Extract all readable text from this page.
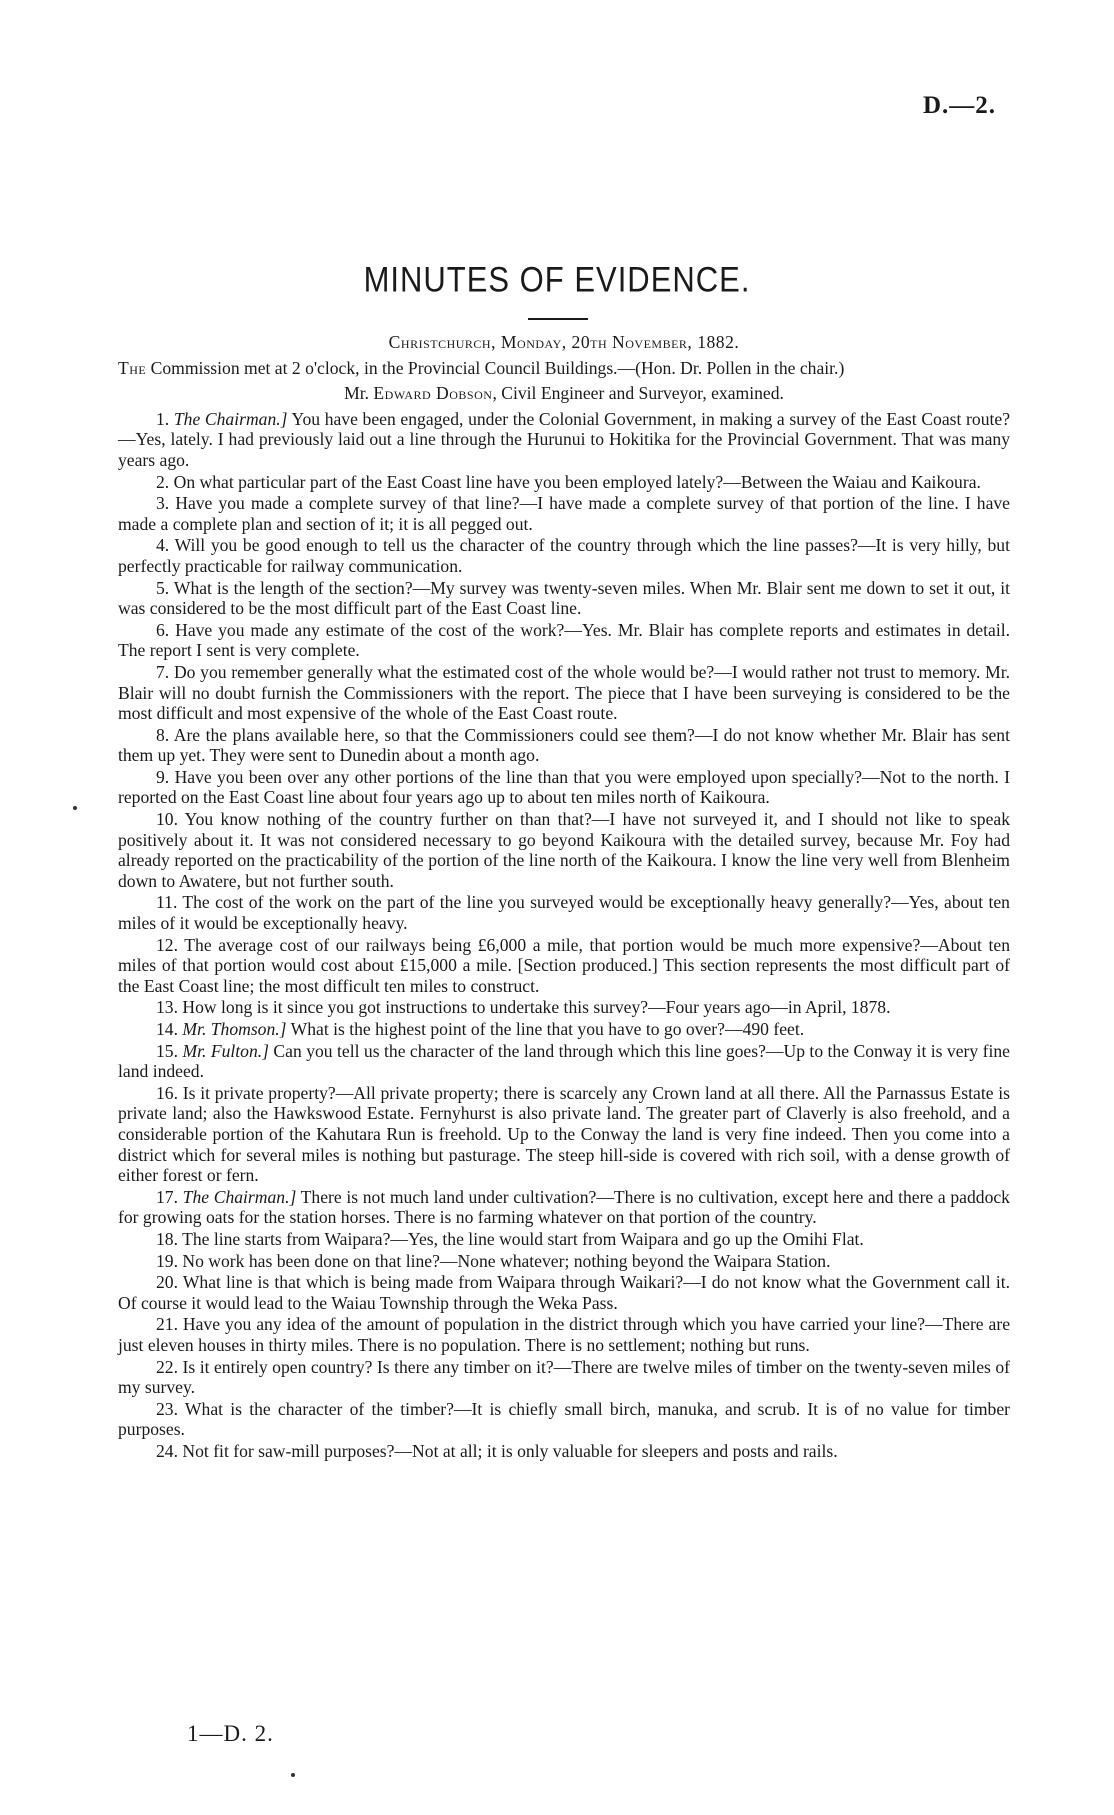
D.—2.
MINUTES OF EVIDENCE.
Christchurch, Monday, 20th November, 1882.
The Commission met at 2 o'clock, in the Provincial Council Buildings.—(Hon. Dr. Pollen in the chair.)
Mr. Edward Dobson, Civil Engineer and Surveyor, examined.

1. The Chairman.] You have been engaged, under the Colonial Government, in making a survey of the East Coast route?—Yes, lately. I had previously laid out a line through the Hurunui to Hokitika for the Provincial Government. That was many years ago.

2. On what particular part of the East Coast line have you been employed lately?—Between the Waiau and Kaikoura.

3. Have you made a complete survey of that line?—I have made a complete survey of that portion of the line. I have made a complete plan and section of it; it is all pegged out.

4. Will you be good enough to tell us the character of the country through which the line passes?—It is very hilly, but perfectly practicable for railway communication.

5. What is the length of the section?—My survey was twenty-seven miles. When Mr. Blair sent me down to set it out, it was considered to be the most difficult part of the East Coast line.

6. Have you made any estimate of the cost of the work?—Yes. Mr. Blair has complete reports and estimates in detail. The report I sent is very complete.

7. Do you remember generally what the estimated cost of the whole would be?—I would rather not trust to memory. Mr. Blair will no doubt furnish the Commissioners with the report. The piece that I have been surveying is considered to be the most difficult and most expensive of the whole of the East Coast route.

8. Are the plans available here, so that the Commissioners could see them?—I do not know whether Mr. Blair has sent them up yet. They were sent to Dunedin about a month ago.

9. Have you been over any other portions of the line than that you were employed upon specially?—Not to the north. I reported on the East Coast line about four years ago up to about ten miles north of Kaikoura.

10. You know nothing of the country further on than that?—I have not surveyed it, and I should not like to speak positively about it. It was not considered necessary to go beyond Kaikoura with the detailed survey, because Mr. Foy had already reported on the practicability of the portion of the line north of the Kaikoura. I know the line very well from Blenheim down to Awatere, but not further south.

11. The cost of the work on the part of the line you surveyed would be exceptionally heavy generally?—Yes, about ten miles of it would be exceptionally heavy.

12. The average cost of our railways being £6,000 a mile, that portion would be much more expensive?—About ten miles of that portion would cost about £15,000 a mile. [Section produced.] This section represents the most difficult part of the East Coast line; the most difficult ten miles to construct.

13. How long is it since you got instructions to undertake this survey?—Four years ago—in April, 1878.

14. Mr. Thomson.] What is the highest point of the line that you have to go over?—490 feet.

15. Mr. Fulton.] Can you tell us the character of the land through which this line goes?—Up to the Conway it is very fine land indeed.

16. Is it private property?—All private property; there is scarcely any Crown land at all there. All the Parnassus Estate is private land; also the Hawkswood Estate. Fernyhurst is also private land. The greater part of Claverly is also freehold, and a considerable portion of the Kahutara Run is freehold. Up to the Conway the land is very fine indeed. Then you come into a district which for several miles is nothing but pasturage. The steep hill-side is covered with rich soil, with a dense growth of either forest or fern.

17. The Chairman.] There is not much land under cultivation?—There is no cultivation, except here and there a paddock for growing oats for the station horses. There is no farming whatever on that portion of the country.

18. The line starts from Waipara?—Yes, the line would start from Waipara and go up the Omihi Flat.

19. No work has been done on that line?—None whatever; nothing beyond the Waipara Station.

20. What line is that which is being made from Waipara through Waikari?—I do not know what the Government call it. Of course it would lead to the Waiau Township through the Weka Pass.

21. Have you any idea of the amount of population in the district through which you have carried your line?—There are just eleven houses in thirty miles. There is no population. There is no settlement; nothing but runs.

22. Is it entirely open country? Is there any timber on it?—There are twelve miles of timber on the twenty-seven miles of my survey.

23. What is the character of the timber?—It is chiefly small birch, manuka, and scrub. It is of no value for timber purposes.

24. Not fit for saw-mill purposes?—Not at all; it is only valuable for sleepers and posts and rails.

1—D. 2.
